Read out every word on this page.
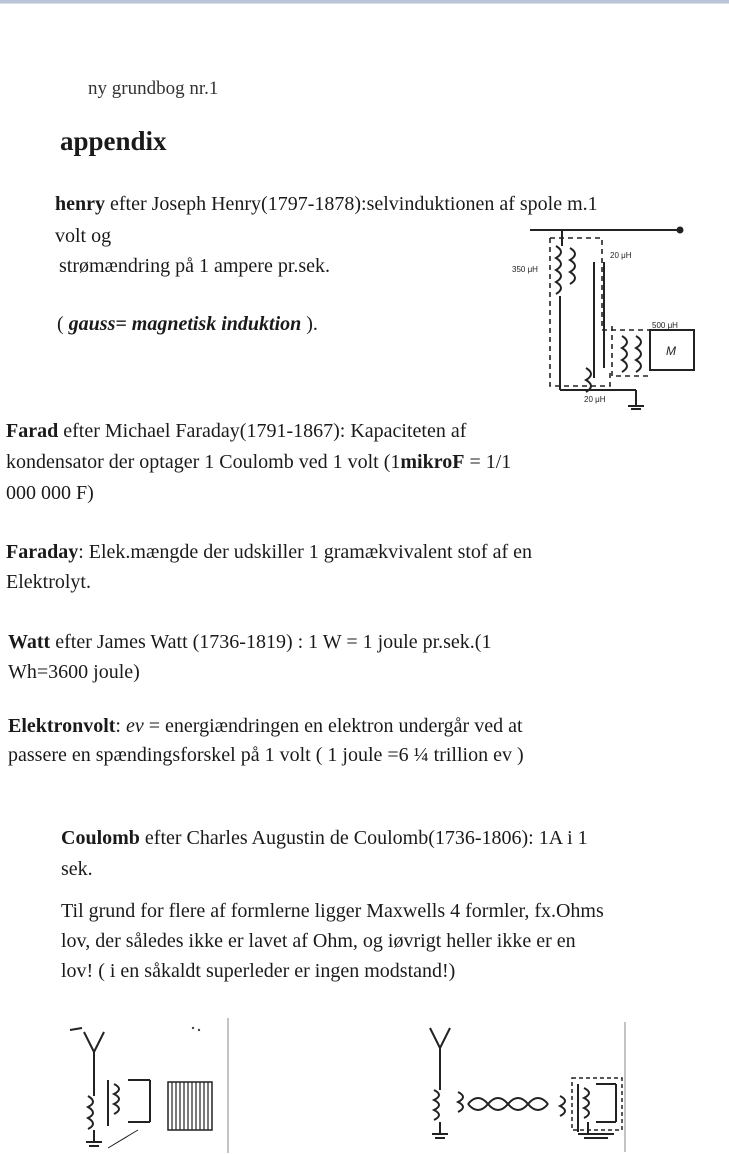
ny grundbog nr.1

appendix

henry efter Joseph Henry(1797-1878):selvinduktionen af spole m.1

volt og

strømændring på 1 ampere pr.sek.

( gauss= magnetisk induktion ).

350 μH
20 μH
500 μH
20 μH
M

Farad efter Michael Faraday(1791-1867): Kapaciteten af

kondensator der optager 1 Coulomb ved 1 volt (1mikroF = 1/1

000 000 F)

Faraday: Elek.mængde der udskiller 1 gramækvivalent stof af en

Elektrolyt.

Watt efter James Watt (1736-1819) : 1 W = 1 joule pr.sek.(1

Wh=3600 joule)

Elektronvolt: ev = energiændringen en elektron undergår ved at

passere en spændingsforskel på 1 volt ( 1 joule =6 ¼ trillion ev )

Coulomb efter Charles Augustin de Coulomb(1736-1806): 1A i 1

sek.

Til grund for flere af formlerne ligger Maxwells 4 formler, fx.Ohms

lov, der således ikke er lavet af Ohm, og iøvrigt heller ikke er en

lov! ( i en såkaldt superleder er ingen modstand!)
